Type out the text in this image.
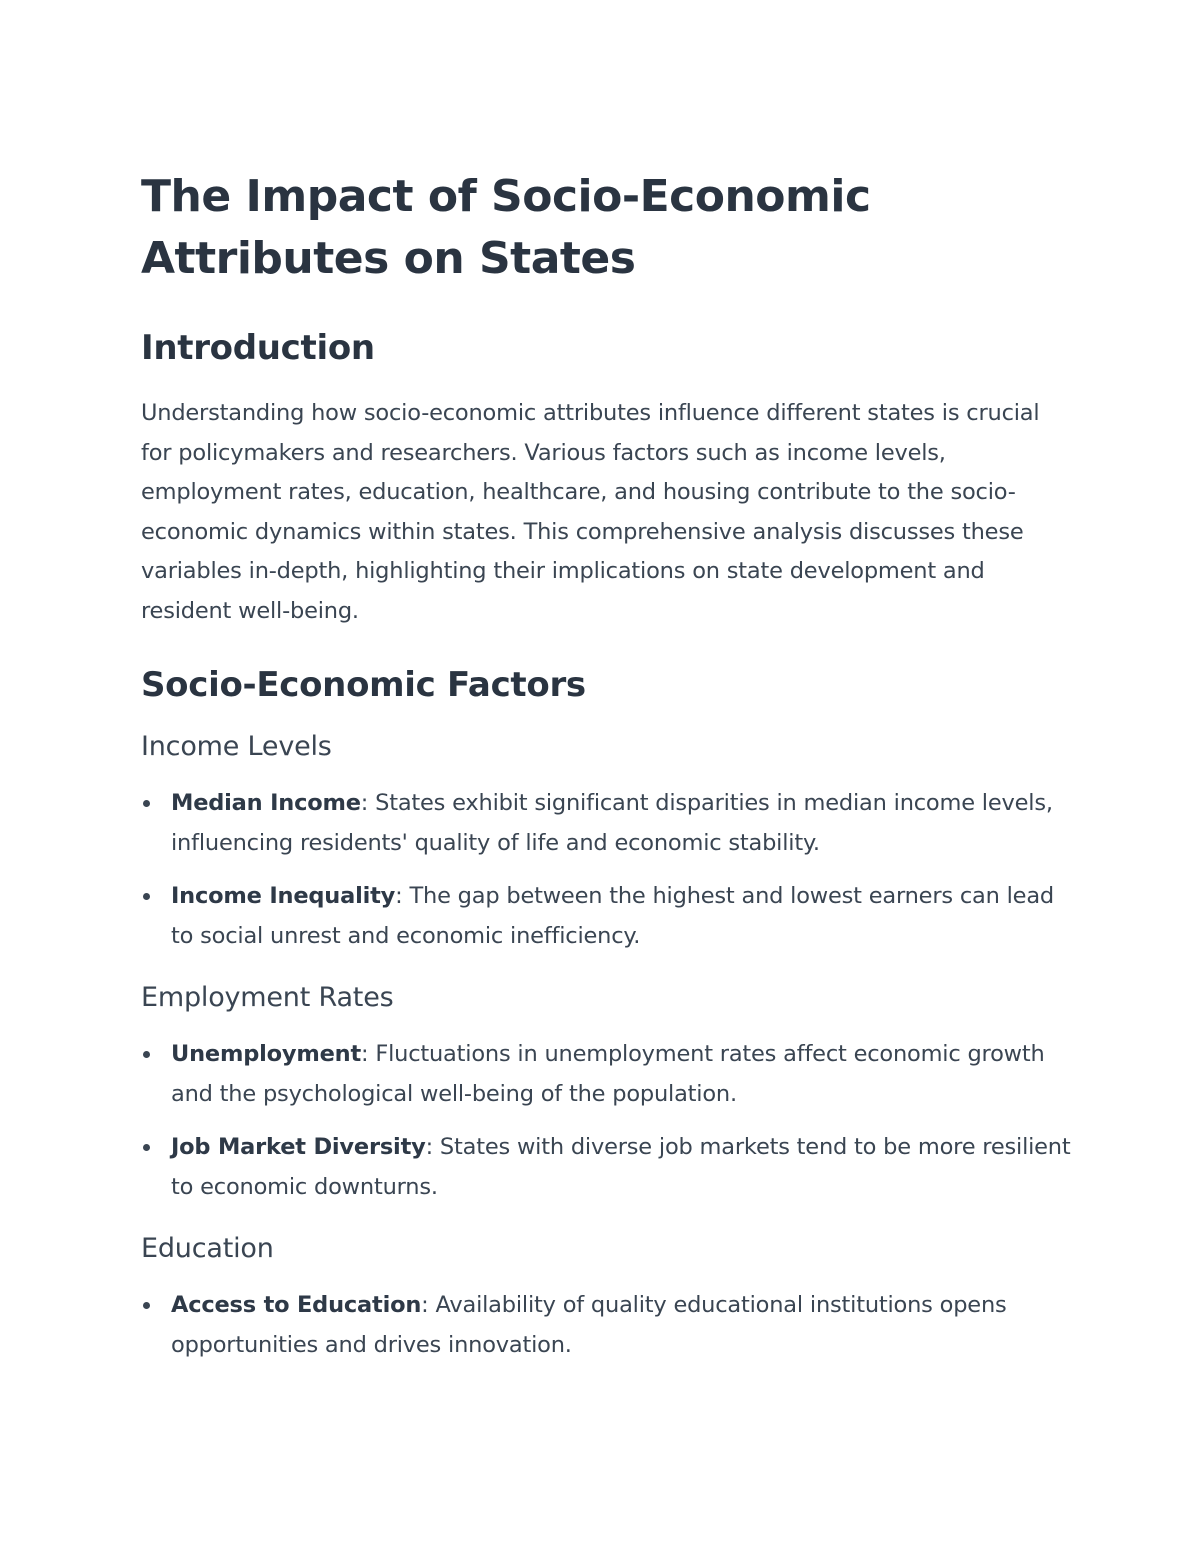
The Impact of Socio-Economic Attributes on States
Introduction

Understanding how socio-economic attributes influence different states is crucial for policymakers and researchers. Various factors such as income levels, employment rates, education, healthcare, and housing contribute to the socio-economic dynamics within states. This comprehensive analysis discusses these variables in-depth, highlighting their implications on state development and resident well-being.

Socio-Economic Factors
Income Levels
Median Income: States exhibit significant disparities in median income levels, influencing residents' quality of life and economic stability.
Income Inequality: The gap between the highest and lowest earners can lead to social unrest and economic inefficiency.
Employment Rates
Unemployment: Fluctuations in unemployment rates affect economic growth and the psychological well-being of the population.
Job Market Diversity: States with diverse job markets tend to be more resilient to economic downturns.
Education
Access to Education: Availability of quality educational institutions opens opportunities and drives innovation.
